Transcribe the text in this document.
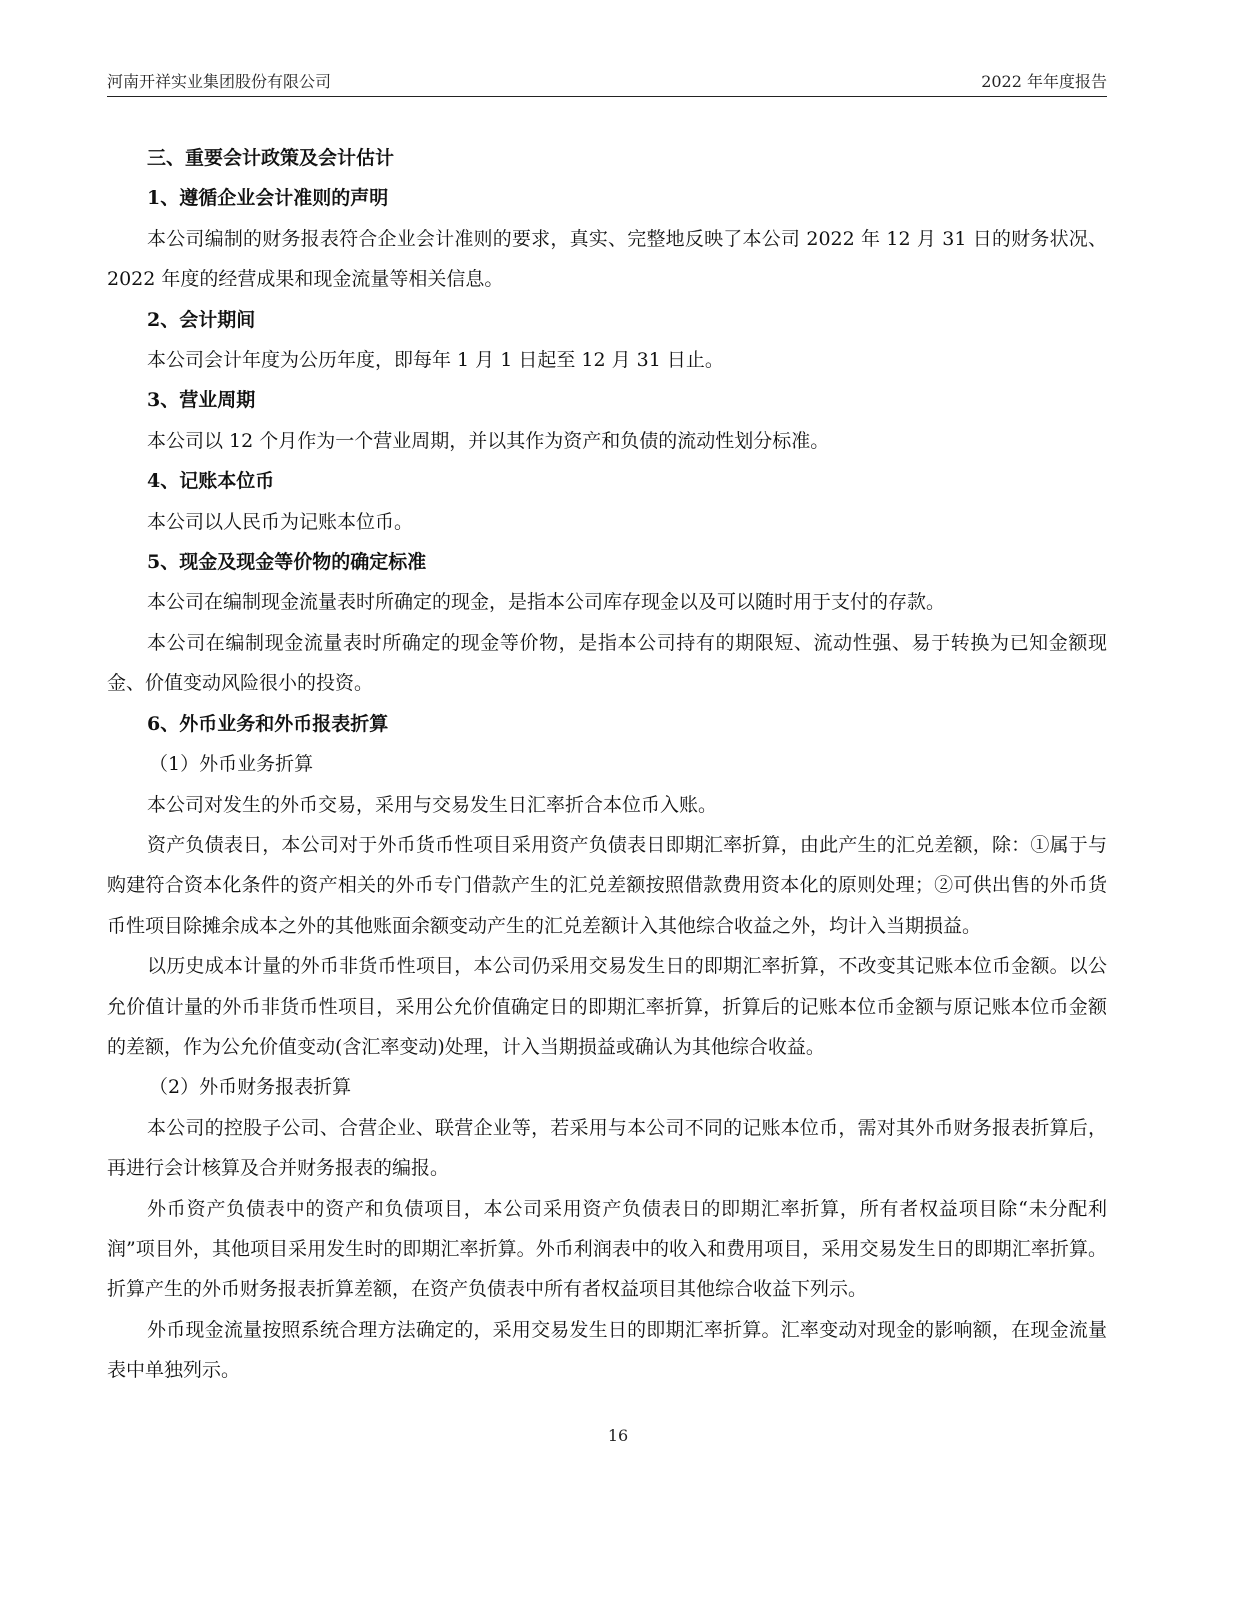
河南开祥实业集团股份有限公司	2022 年年度报告

三、重要会计政策及会计估计

1、遵循企业会计准则的声明

本公司编制的财务报表符合企业会计准则的要求，真实、完整地反映了本公司 2022 年 12 月 31 日的财务状况、2022 年度的经营成果和现金流量等相关信息。

2、会计期间

本公司会计年度为公历年度，即每年 1 月 1 日起至 12 月 31 日止。

3、营业周期

本公司以 12 个月作为一个营业周期，并以其作为资产和负债的流动性划分标准。

4、记账本位币

本公司以人民币为记账本位币。

5、现金及现金等价物的确定标准

本公司在编制现金流量表时所确定的现金，是指本公司库存现金以及可以随时用于支付的存款。

本公司在编制现金流量表时所确定的现金等价物，是指本公司持有的期限短、流动性强、易于转换为已知金额现金、价值变动风险很小的投资。

6、外币业务和外币报表折算

（1）外币业务折算

本公司对发生的外币交易，采用与交易发生日汇率折合本位币入账。

资产负债表日，本公司对于外币货币性项目采用资产负债表日即期汇率折算，由此产生的汇兑差额，除：①属于与购建符合资本化条件的资产相关的外币专门借款产生的汇兑差额按照借款费用资本化的原则处理；②可供出售的外币货币性项目除摊余成本之外的其他账面余额变动产生的汇兑差额计入其他综合收益之外，均计入当期损益。

以历史成本计量的外币非货币性项目，本公司仍采用交易发生日的即期汇率折算，不改变其记账本位币金额。以公允价值计量的外币非货币性项目，采用公允价值确定日的即期汇率折算，折算后的记账本位币金额与原记账本位币金额的差额，作为公允价值变动(含汇率变动)处理，计入当期损益或确认为其他综合收益。

（2）外币财务报表折算

本公司的控股子公司、合营企业、联营企业等，若采用与本公司不同的记账本位币，需对其外币财务报表折算后，再进行会计核算及合并财务报表的编报。

外币资产负债表中的资产和负债项目，本公司采用资产负债表日的即期汇率折算，所有者权益项目除“未分配利润”项目外，其他项目采用发生时的即期汇率折算。外币利润表中的收入和费用项目，采用交易发生日的即期汇率折算。折算产生的外币财务报表折算差额，在资产负债表中所有者权益项目其他综合收益下列示。

外币现金流量按照系统合理方法确定的，采用交易发生日的即期汇率折算。汇率变动对现金的影响额，在现金流量表中单独列示。

16
